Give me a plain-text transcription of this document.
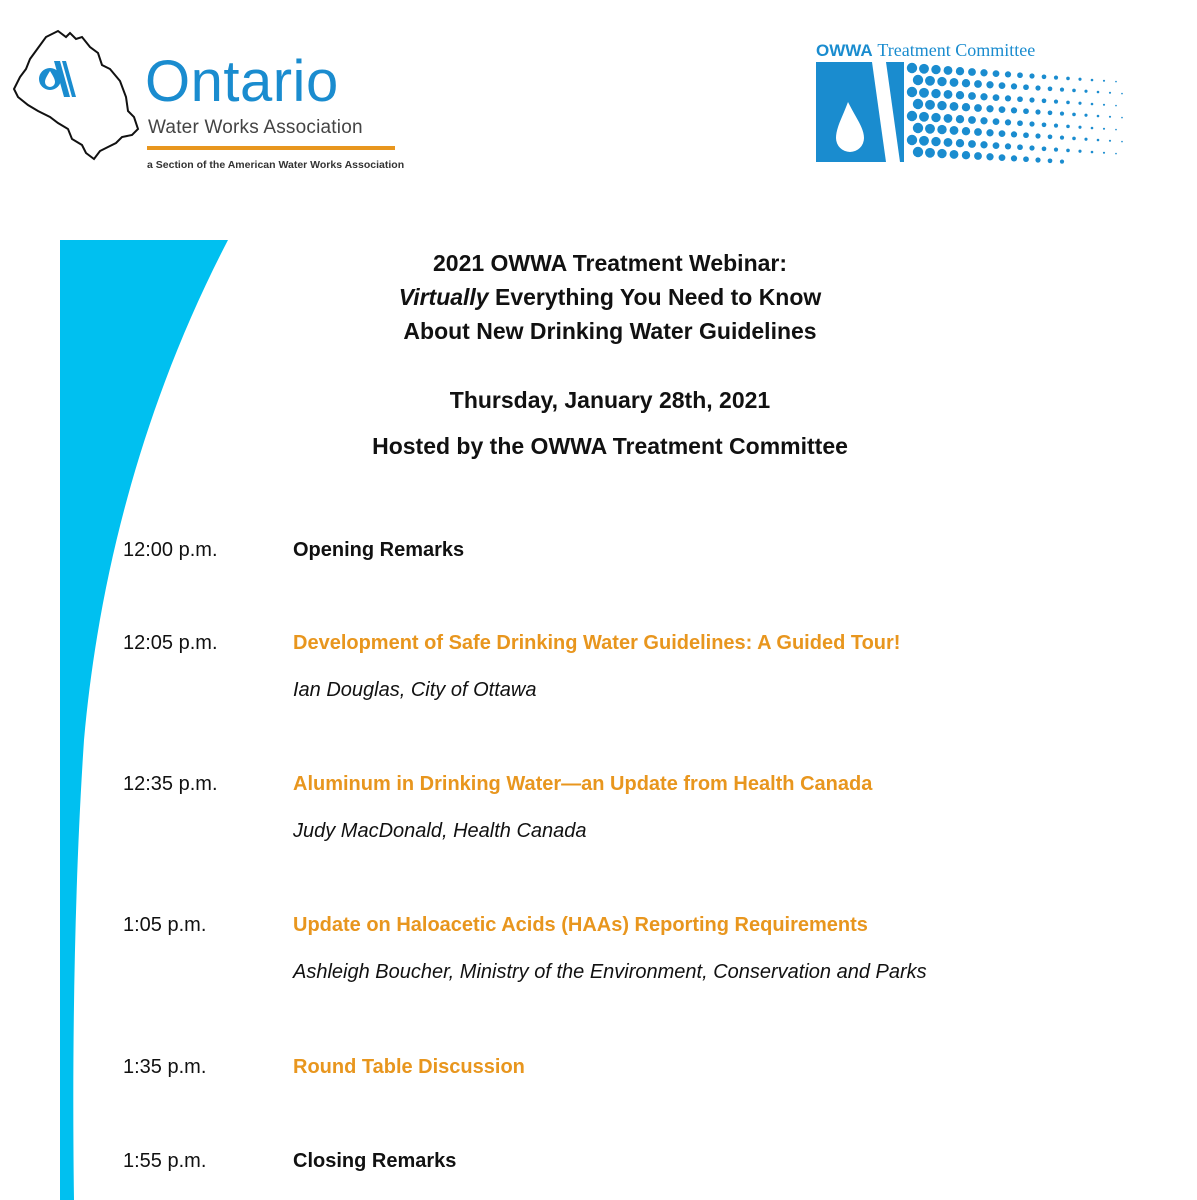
Ontario
Water Works Association
a Section of the American Water Works Association
OWWA Treatment Committee
2021 OWWA Treatment Webinar:
Virtually Everything You Need to Know
About New Drinking Water Guidelines
Thursday, January 28th, 2021
Hosted by the OWWA Treatment Committee
12:00 p.m.	Opening Remarks
12:05 p.m.	Development of Safe Drinking Water Guidelines: A Guided Tour!
Ian Douglas, City of Ottawa
12:35 p.m.	Aluminum in Drinking Water—an Update from Health Canada
Judy MacDonald, Health Canada
1:05 p.m.	Update on Haloacetic Acids (HAAs) Reporting Requirements
Ashleigh Boucher, Ministry of the Environment, Conservation and Parks
1:35 p.m.	Round Table Discussion
1:55 p.m.	Closing Remarks
